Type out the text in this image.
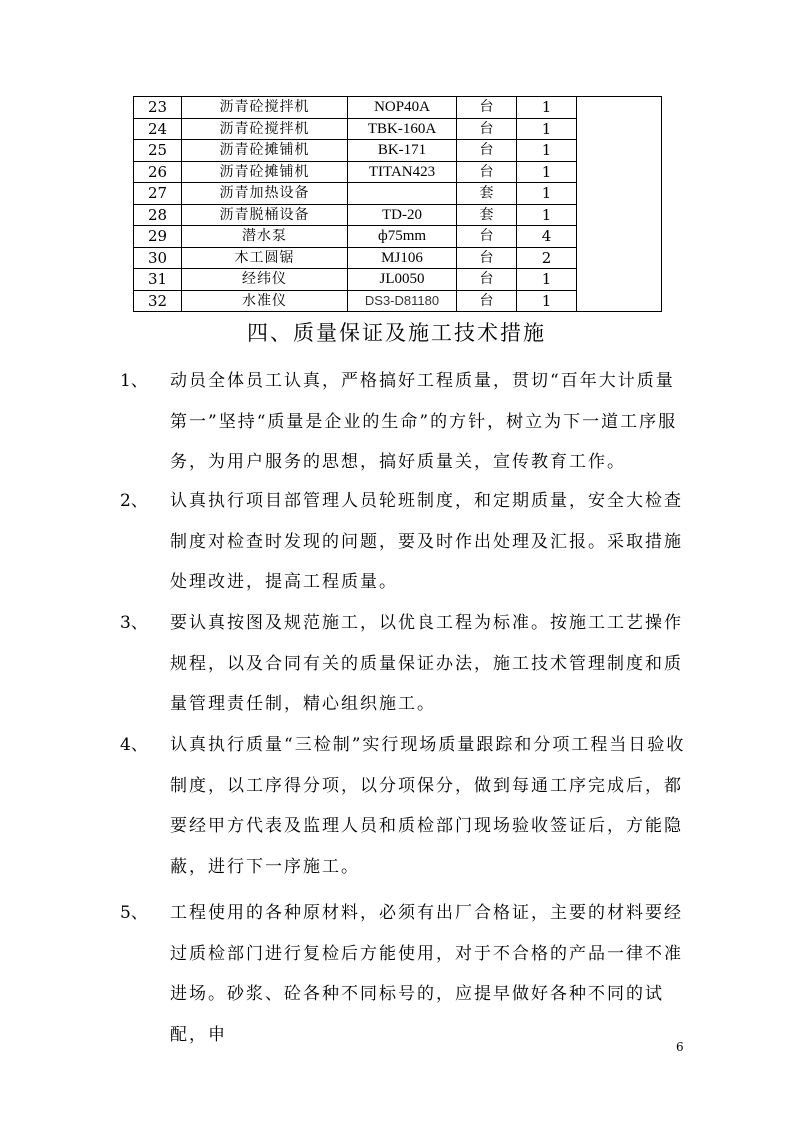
23	沥青砼搅拌机	NOP40A	台	1	
24	沥青砼搅拌机	TBK-160A	台	1	
25	沥青砼摊铺机	BK-171	台	1	
26	沥青砼摊铺机	TITAN423	台	1	
27	沥青加热设备		套	1	
28	沥青脱桶设备	TD-20	套	1	
29	潜水泵	ф75mm	台	4	
30	木工圆锯	MJ106	台	2	
31	经纬仪	JL0050	台	1	
32	水准仪	DS3-D81180	台	1	
四、质量保证及施工技术措施
1、 动员全体员工认真，严格搞好工程质量，贯切“百年大计质量第一”坚持“质量是企业的生命”的方针，树立为下一道工序服务，为用户服务的思想，搞好质量关，宣传教育工作。
2、 认真执行项目部管理人员轮班制度，和定期质量，安全大检查制度对检查时发现的问题，要及时作出处理及汇报。采取措施处理改进，提高工程质量。
3、 要认真按图及规范施工，以优良工程为标准。按施工工艺操作规程，以及合同有关的质量保证办法，施工技术管理制度和质量管理责任制，精心组织施工。
4、 认真执行质量“三检制”实行现场质量跟踪和分项工程当日验收制度，以工序得分项，以分项保分，做到每通工序完成后，都要经甲方代表及监理人员和质检部门现场验收签证后，方能隐蔽，进行下一序施工。
5、 工程使用的各种原材料，必须有出厂合格证，主要的材料要经过质检部门进行复检后方能使用，对于不合格的产品一律不准进场。砂浆、砼各种不同标号的，应提早做好各种不同的试配，申
6
